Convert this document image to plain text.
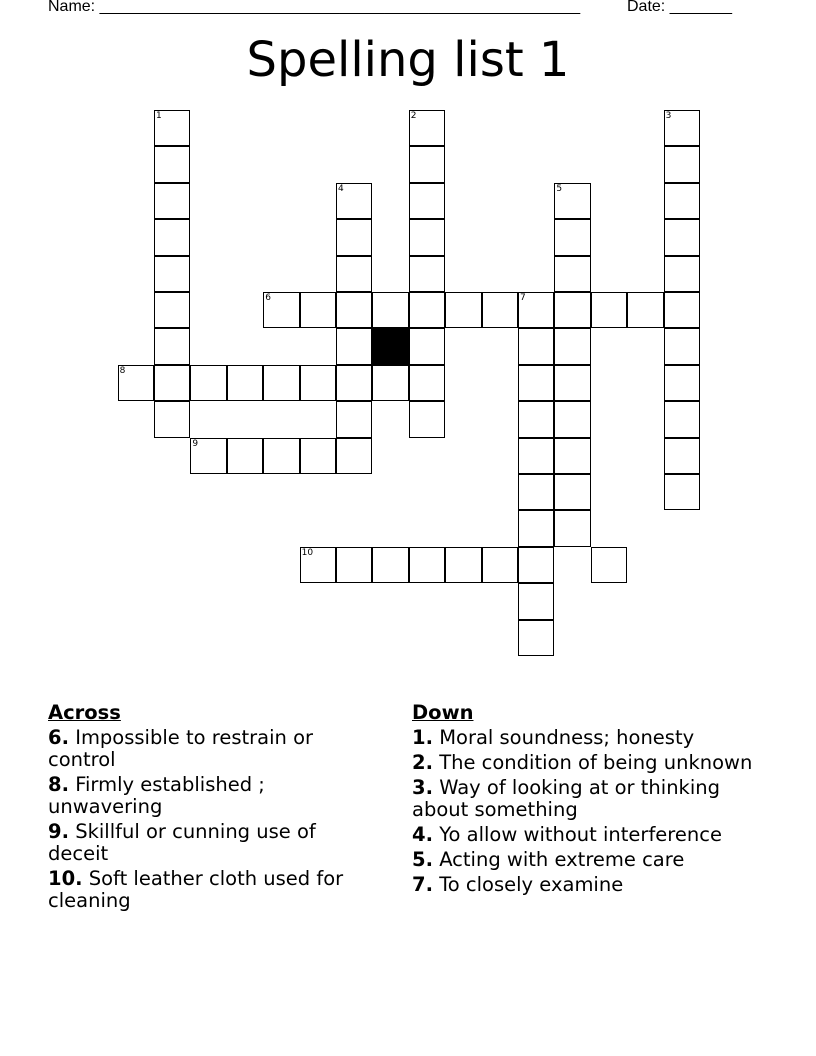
Name: ______________________________________________________	Date: _______
Spelling list 1
1	2	3
4	5
6	7
8
9
10
Across
6. Impossible to restrain or control
8. Firmly established ; unwavering
9. Skillful or cunning use of deceit
10. Soft leather cloth used for cleaning
Down
1. Moral soundness; honesty
2. The condition of being unknown
3. Way of looking at or thinking about something
4. Yo allow without interference
5. Acting with extreme care
7. To closely examine
